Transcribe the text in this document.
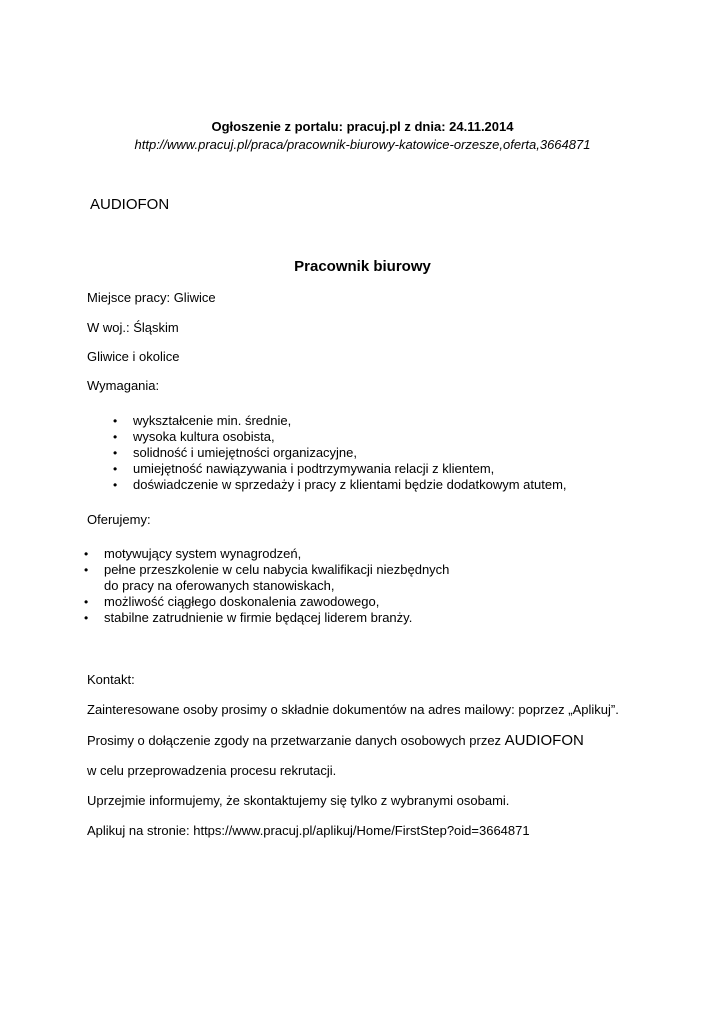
Ogłoszenie z portalu: pracuj.pl z dnia: 24.11.2014
http://www.pracuj.pl/praca/pracownik-biurowy-katowice-orzesze,oferta,3664871
AUDIOFON
Pracownik biurowy
Miejsce pracy: Gliwice
W woj.: Śląskim
Gliwice i okolice
Wymagania:
• wykształcenie min. średnie,
• wysoka kultura osobista,
• solidność i umiejętności organizacyjne,
• umiejętność nawiązywania i podtrzymywania relacji z klientem,
• doświadczenie w sprzedaży i pracy z klientami będzie dodatkowym atutem,
Oferujemy:
• motywujący system wynagrodzeń,
• pełne przeszkolenie w celu nabycia kwalifikacji niezbędnych
do pracy na oferowanych stanowiskach,
• możliwość ciągłego doskonalenia zawodowego,
• stabilne zatrudnienie w firmie będącej liderem branży.
Kontakt:
Zainteresowane osoby prosimy o składnie dokumentów na adres mailowy: poprzez „Aplikuj”.
Prosimy o dołączenie zgody na przetwarzanie danych osobowych przez AUDIOFON
w celu przeprowadzenia procesu rekrutacji.
Uprzejmie informujemy, że skontaktujemy się tylko z wybranymi osobami.
Aplikuj na stronie: https://www.pracuj.pl/aplikuj/Home/FirstStep?oid=3664871
